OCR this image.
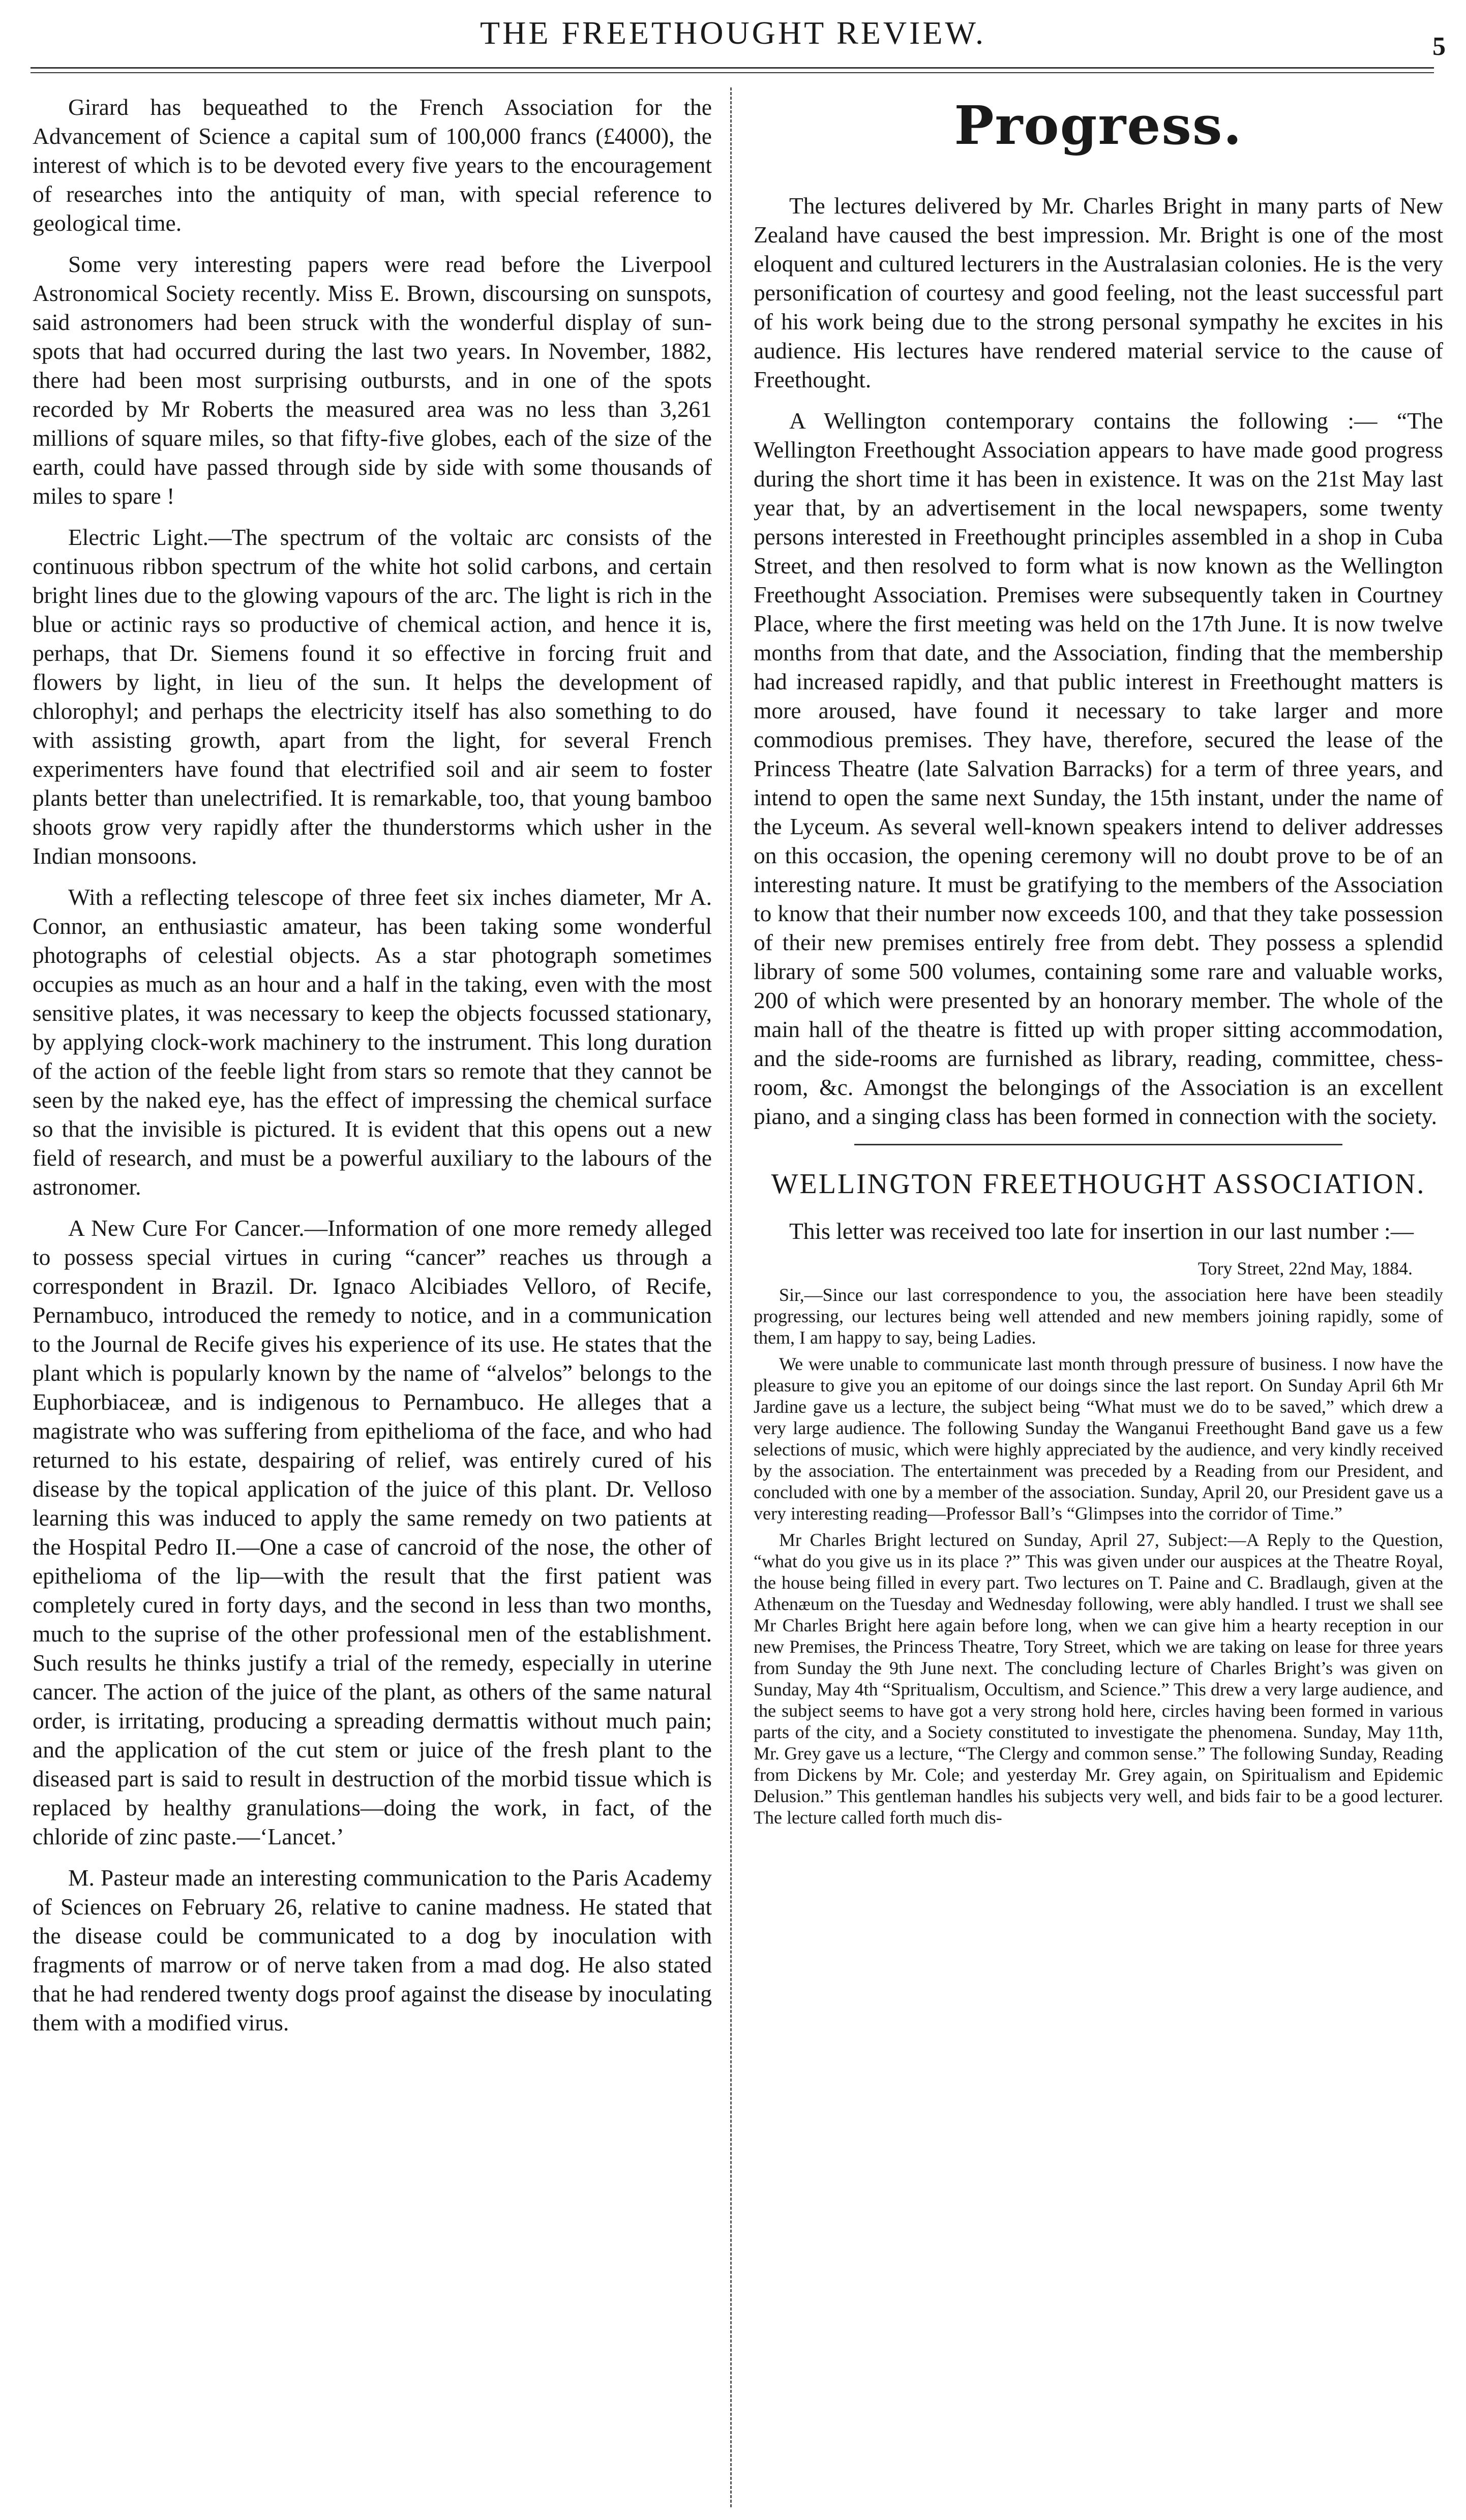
THE FREETHOUGHT REVIEW.	5

Girard has bequeathed to the French Association for the Advancement of Science a capital sum of 100,000 francs (£4000), the interest of which is to be devoted every five years to the encouragement of researches into the antiquity of man, with special reference to geological time.

Some very interesting papers were read before the Liverpool Astronomical Society recently. Miss E. Brown, discoursing on sunspots, said astronomers had been struck with the wonderful display of sun-spots that had occurred during the last two years. In November, 1882, there had been most surprising outbursts, and in one of the spots recorded by Mr Roberts the measured area was no less than 3,261 millions of square miles, so that fifty-five globes, each of the size of the earth, could have passed through side by side with some thousands of miles to spare !

Electric Light.—The spectrum of the voltaic arc consists of the continuous ribbon spectrum of the white hot solid carbons, and certain bright lines due to the glowing vapours of the arc. The light is rich in the blue or actinic rays so productive of chemical action, and hence it is, perhaps, that Dr. Siemens found it so effective in forcing fruit and flowers by light, in lieu of the sun. It helps the development of chlorophyl; and perhaps the electricity itself has also something to do with assisting growth, apart from the light, for several French experimenters have found that electrified soil and air seem to foster plants better than unelectrified. It is remarkable, too, that young bamboo shoots grow very rapidly after the thunderstorms which usher in the Indian monsoons.

With a reflecting telescope of three feet six inches diameter, Mr A. Connor, an enthusiastic amateur, has been taking some wonderful photographs of celestial objects. As a star photograph sometimes occupies as much as an hour and a half in the taking, even with the most sensitive plates, it was necessary to keep the objects focussed stationary, by applying clock-work machinery to the instrument. This long duration of the action of the feeble light from stars so remote that they cannot be seen by the naked eye, has the effect of impressing the chemical surface so that the invisible is pictured. It is evident that this opens out a new field of research, and must be a powerful auxiliary to the labours of the astronomer.

A New Cure For Cancer.—Information of one more remedy alleged to possess special virtues in curing “cancer” reaches us through a correspondent in Brazil. Dr. Ignaco Alcibiades Velloro, of Recife, Pernambuco, introduced the remedy to notice, and in a communication to the Journal de Recife gives his experience of its use. He states that the plant which is popularly known by the name of “alvelos” belongs to the Euphorbiaceæ, and is indigenous to Pernambuco. He alleges that a magistrate who was suffering from epithelioma of the face, and who had returned to his estate, despairing of relief, was entirely cured of his disease by the topical application of the juice of this plant. Dr. Velloso learning this was induced to apply the same remedy on two patients at the Hospital Pedro II.—One a case of cancroid of the nose, the other of epithelioma of the lip—with the result that the first patient was completely cured in forty days, and the second in less than two months, much to the suprise of the other professional men of the establishment. Such results he thinks justify a trial of the remedy, especially in uterine cancer. The action of the juice of the plant, as others of the same natural order, is irritating, producing a spreading dermattis without much pain; and the application of the cut stem or juice of the fresh plant to the diseased part is said to result in destruction of the morbid tissue which is replaced by healthy granulations—doing the work, in fact, of the chloride of zinc paste.—‘Lancet.’

M. Pasteur made an interesting communication to the Paris Academy of Sciences on February 26, relative to canine madness. He stated that the disease could be communicated to a dog by inoculation with fragments of marrow or of nerve taken from a mad dog. He also stated that he had rendered twenty dogs proof against the disease by inoculating them with a modified virus.

Progress.

The lectures delivered by Mr. Charles Bright in many parts of New Zealand have caused the best impression. Mr. Bright is one of the most eloquent and cultured lecturers in the Australasian colonies. He is the very personification of courtesy and good feeling, not the least successful part of his work being due to the strong personal sympathy he excites in his audience. His lectures have rendered material service to the cause of Freethought.

A Wellington contemporary contains the following :— “The Wellington Freethought Association appears to have made good progress during the short time it has been in existence. It was on the 21st May last year that, by an advertisement in the local newspapers, some twenty persons interested in Freethought principles assembled in a shop in Cuba Street, and then resolved to form what is now known as the Wellington Freethought Association. Premises were subsequently taken in Courtney Place, where the first meeting was held on the 17th June. It is now twelve months from that date, and the Association, finding that the membership had increased rapidly, and that public interest in Freethought matters is more aroused, have found it necessary to take larger and more commodious premises. They have, therefore, secured the lease of the Princess Theatre (late Salvation Barracks) for a term of three years, and intend to open the same next Sunday, the 15th instant, under the name of the Lyceum. As several well-known speakers intend to deliver addresses on this occasion, the opening ceremony will no doubt prove to be of an interesting nature. It must be gratifying to the members of the Association to know that their number now exceeds 100, and that they take possession of their new premises entirely free from debt. They possess a splendid library of some 500 volumes, containing some rare and valuable works, 200 of which were presented by an honorary member. The whole of the main hall of the theatre is fitted up with proper sitting accommodation, and the side-rooms are furnished as library, reading, committee, chess-room, &c. Amongst the belongings of the Association is an excellent piano, and a singing class has been formed in connection with the society.

WELLINGTON FREETHOUGHT ASSOCIATION.

This letter was received too late for insertion in our last number :—

Tory Street, 22nd May, 1884.

Sir,—Since our last correspondence to you, the association here have been steadily progressing, our lectures being well attended and new members joining rapidly, some of them, I am happy to say, being Ladies.

We were unable to communicate last month through pressure of business. I now have the pleasure to give you an epitome of our doings since the last report. On Sunday April 6th Mr Jardine gave us a lecture, the subject being “What must we do to be saved,” which drew a very large audience. The following Sunday the Wanganui Freethought Band gave us a few selections of music, which were highly appreciated by the audience, and very kindly received by the association. The entertainment was preceded by a Reading from our President, and concluded with one by a member of the association. Sunday, April 20, our President gave us a very interesting reading—Professor Ball’s “Glimpses into the corridor of Time.”

Mr Charles Bright lectured on Sunday, April 27, Subject:—A Reply to the Question, “what do you give us in its place ?” This was given under our auspices at the Theatre Royal, the house being filled in every part. Two lectures on T. Paine and C. Bradlaugh, given at the Athenæum on the Tuesday and Wednesday following, were ably handled. I trust we shall see Mr Charles Bright here again before long, when we can give him a hearty reception in our new Premises, the Princess Theatre, Tory Street, which we are taking on lease for three years from Sunday the 9th June next. The concluding lecture of Charles Bright’s was given on Sunday, May 4th “Spritualism, Occultism, and Science.” This drew a very large audience, and the subject seems to have got a very strong hold here, circles having been formed in various parts of the city, and a Society constituted to investigate the phenomena. Sunday, May 11th, Mr. Grey gave us a lecture, “The Clergy and common sense.” The following Sunday, Reading from Dickens by Mr. Cole; and yesterday Mr. Grey again, on Spiritualism and Epidemic Delusion.” This gentleman handles his subjects very well, and bids fair to be a good lecturer. The lecture called forth much dis-
